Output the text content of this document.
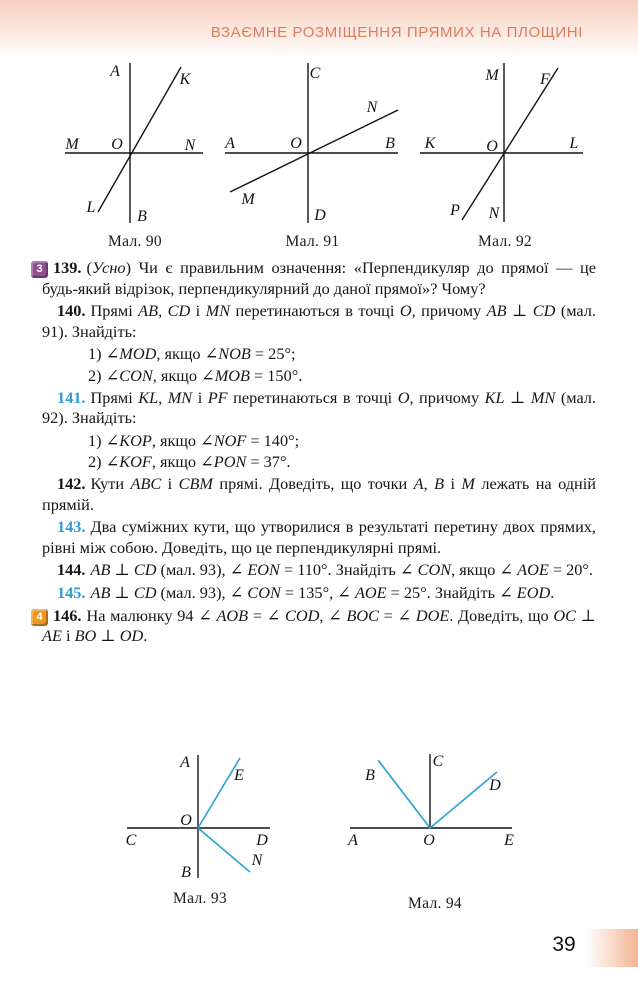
ВЗАЄМНЕ РОЗМІЩЕННЯ ПРЯМИХ НА ПЛОЩИНІ
A	K
M O	N
L
B
Мал. 90
C
N
A	O	B
M
D
Мал. 91
M	F
K	O	L
P N
Мал. 92
3 139. (Усно) Чи є правильним означення: «Перпендикуляр до прямої — це будь-який відрізок, перпендикулярний до даної прямої»? Чому?
140. Прямі AB, CD і MN перетинаються в точці O, причому AB ⊥ CD (мал. 91). Знайдіть:
1) ∠MOD, якщо ∠NOB = 25°;
2) ∠CON, якщо ∠MOB = 150°.
141. Прямі KL, MN і PF перетинаються в точці O, причому KL ⊥ MN (мал. 92). Знайдіть:
1) ∠KOP, якщо ∠NOF = 140°;
2) ∠KOF, якщо ∠PON = 37°.
142. Кути ABC і CBM прямі. Доведіть, що точки A, B і M лежать на одній прямій.
143. Два суміжних кути, що утворилися в результаті перетину двох прямих, рівні між собою. Доведіть, що це перпендикулярні прямі.
144. AB ⊥ CD (мал. 93), ∠ EON = 110°. Знайдіть ∠ CON, якщо ∠ AOE = 20°.
145. AB ⊥ CD (мал. 93), ∠ CON = 135°, ∠ AOE = 25°. Знайдіть ∠ EOD.
4 146. На малюнку 94 ∠ AOB = ∠ COD, ∠ BOC = ∠ DOE. Доведіть, що OC ⊥ AE і BO ⊥ OD.
A
E
O
C	D
B
N
Мал. 93
C
B
D
A	O	E
Мал. 94
39
